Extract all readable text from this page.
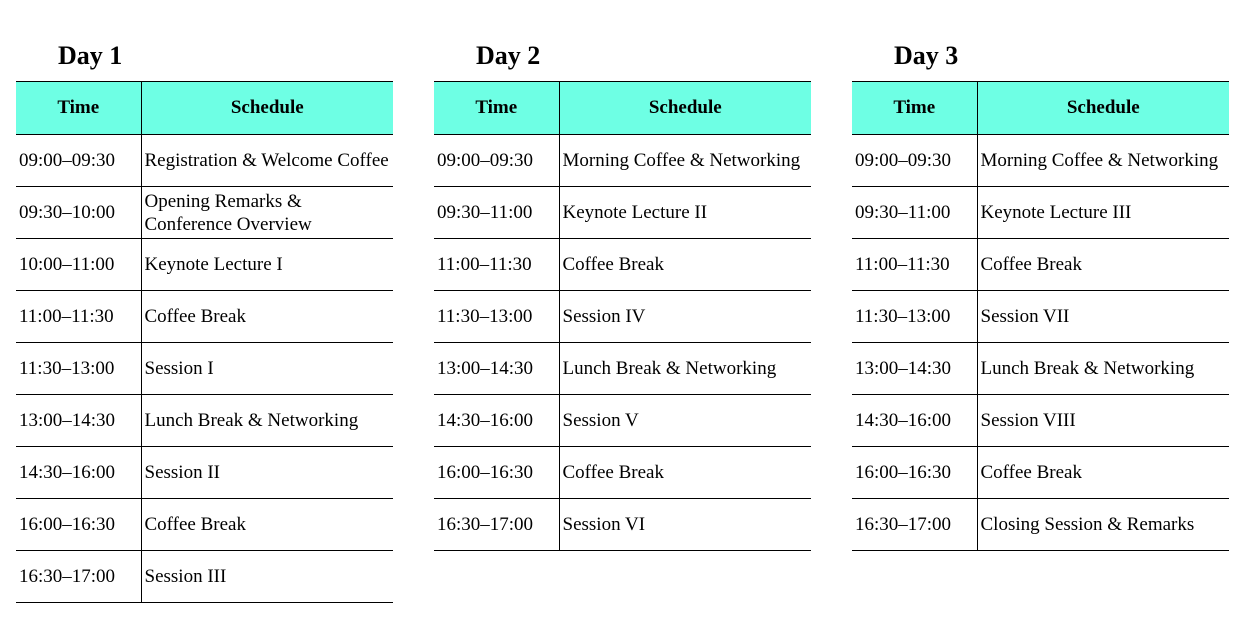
Day 1
Time	Schedule
09:00–09:30	Registration & Welcome Coffee
09:30–10:00	Opening Remarks & Conference Overview
10:00–11:00	Keynote Lecture I
11:00–11:30	Coffee Break
11:30–13:00	Session I
13:00–14:30	Lunch Break & Networking
14:30–16:00	Session II
16:00–16:30	Coffee Break
16:30–17:00	Session III
Day 2
Time	Schedule
09:00–09:30	Morning Coffee & Networking
09:30–11:00	Keynote Lecture II
11:00–11:30	Coffee Break
11:30–13:00	Session IV
13:00–14:30	Lunch Break & Networking
14:30–16:00	Session V
16:00–16:30	Coffee Break
16:30–17:00	Session VI
Day 3
Time	Schedule
09:00–09:30	Morning Coffee & Networking
09:30–11:00	Keynote Lecture III
11:00–11:30	Coffee Break
11:30–13:00	Session VII
13:00–14:30	Lunch Break & Networking
14:30–16:00	Session VIII
16:00–16:30	Coffee Break
16:30–17:00	Closing Session & Remarks
